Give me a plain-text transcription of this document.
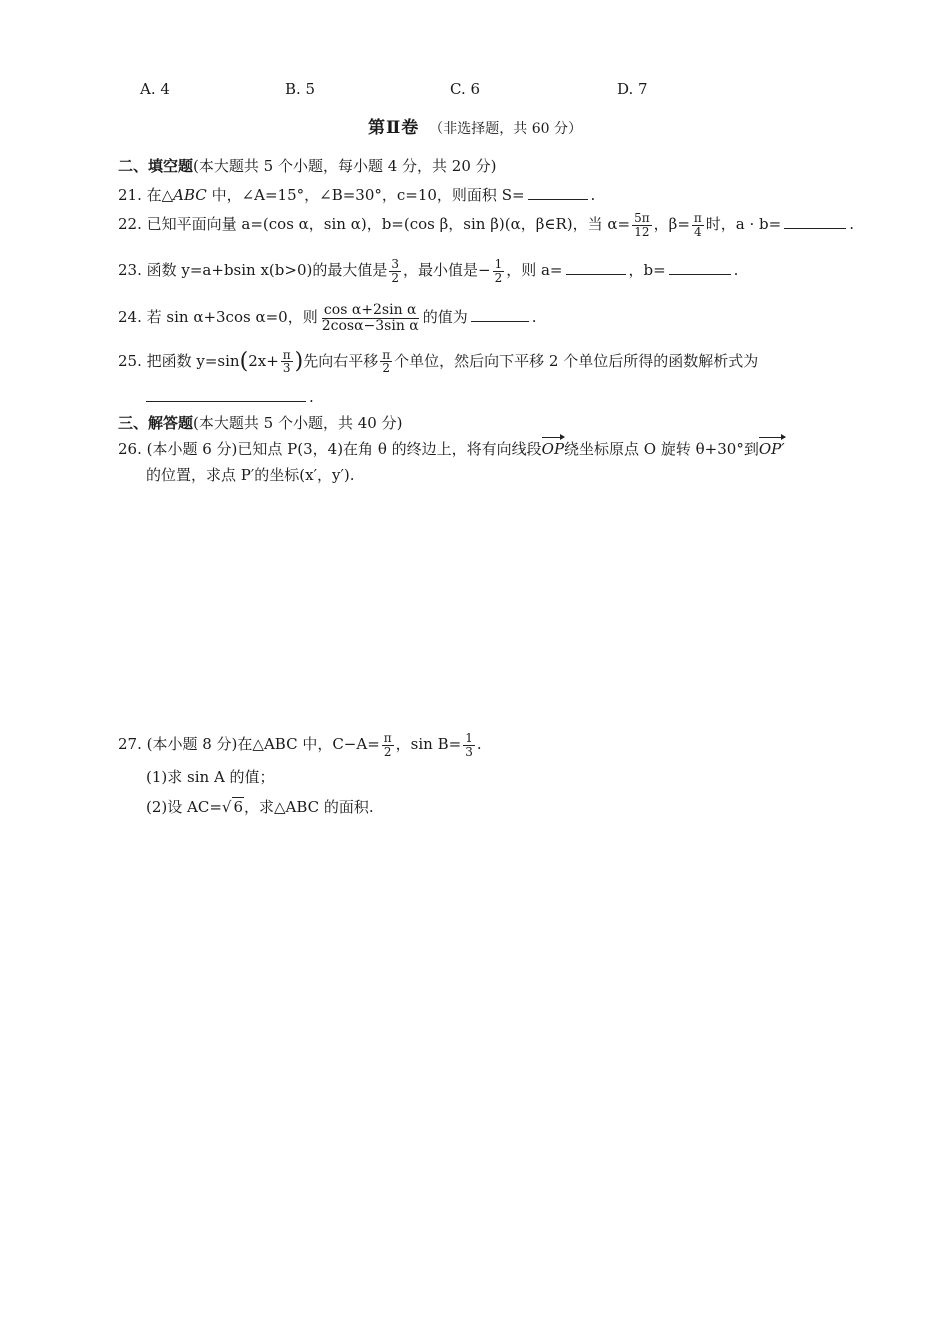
A. 4	B. 5	C. 6	D. 7
第Ⅱ卷 （非选择题，共 60 分）
二、填空题(本大题共 5 个小题，每小题 4 分，共 20 分)
21. 在△ABC 中，∠A=15°，∠B=30°，c=10，则面积 S=	.
22. 已知平面向量 a=(cos α，sin α)，b=(cos β，sin β)(α，β∈R)，当 $\alpha= \frac{5\pi}{12}$ ，$\beta= \frac{\pi}{4}$ 时，a · b=	.
23. 函数 y=a+bsin x(b>0)的最大值是 $\frac{3}{2}$ ，最小值是− $\frac{1}{2}$ ，则 a=	，b=	.
24. 若 sin α+3cos α=0，则 $\frac{\text{cos α+2sin α}}{\text{2cosα−3sin α}}$ 的值为	.
25. 把函数 $y=\sin(2x+ \frac{\pi}{3}$ )先向右平移 $\frac{\pi}{2}$ 个单位，然后向下平移 2 个单位后所得的函数解析式为
.
三、解答题(本大题共 5 个小题，共 40 分)
26. (本小题 6 分)已知点 P(3，4)在角 θ 的终边上，将有向线段OP绕坐标原点 O 旋转 θ+30°到OP′
的位置，求点 P′的坐标(x′，y′).
27. (本小题 8 分)在△ABC 中，$C-A= \frac{\pi}{2}$ ，$\sin B= \frac{1}{3}$ .
(1)求 sin A 的值；
(2)设 AC=√ 6，求△ABC 的面积.
